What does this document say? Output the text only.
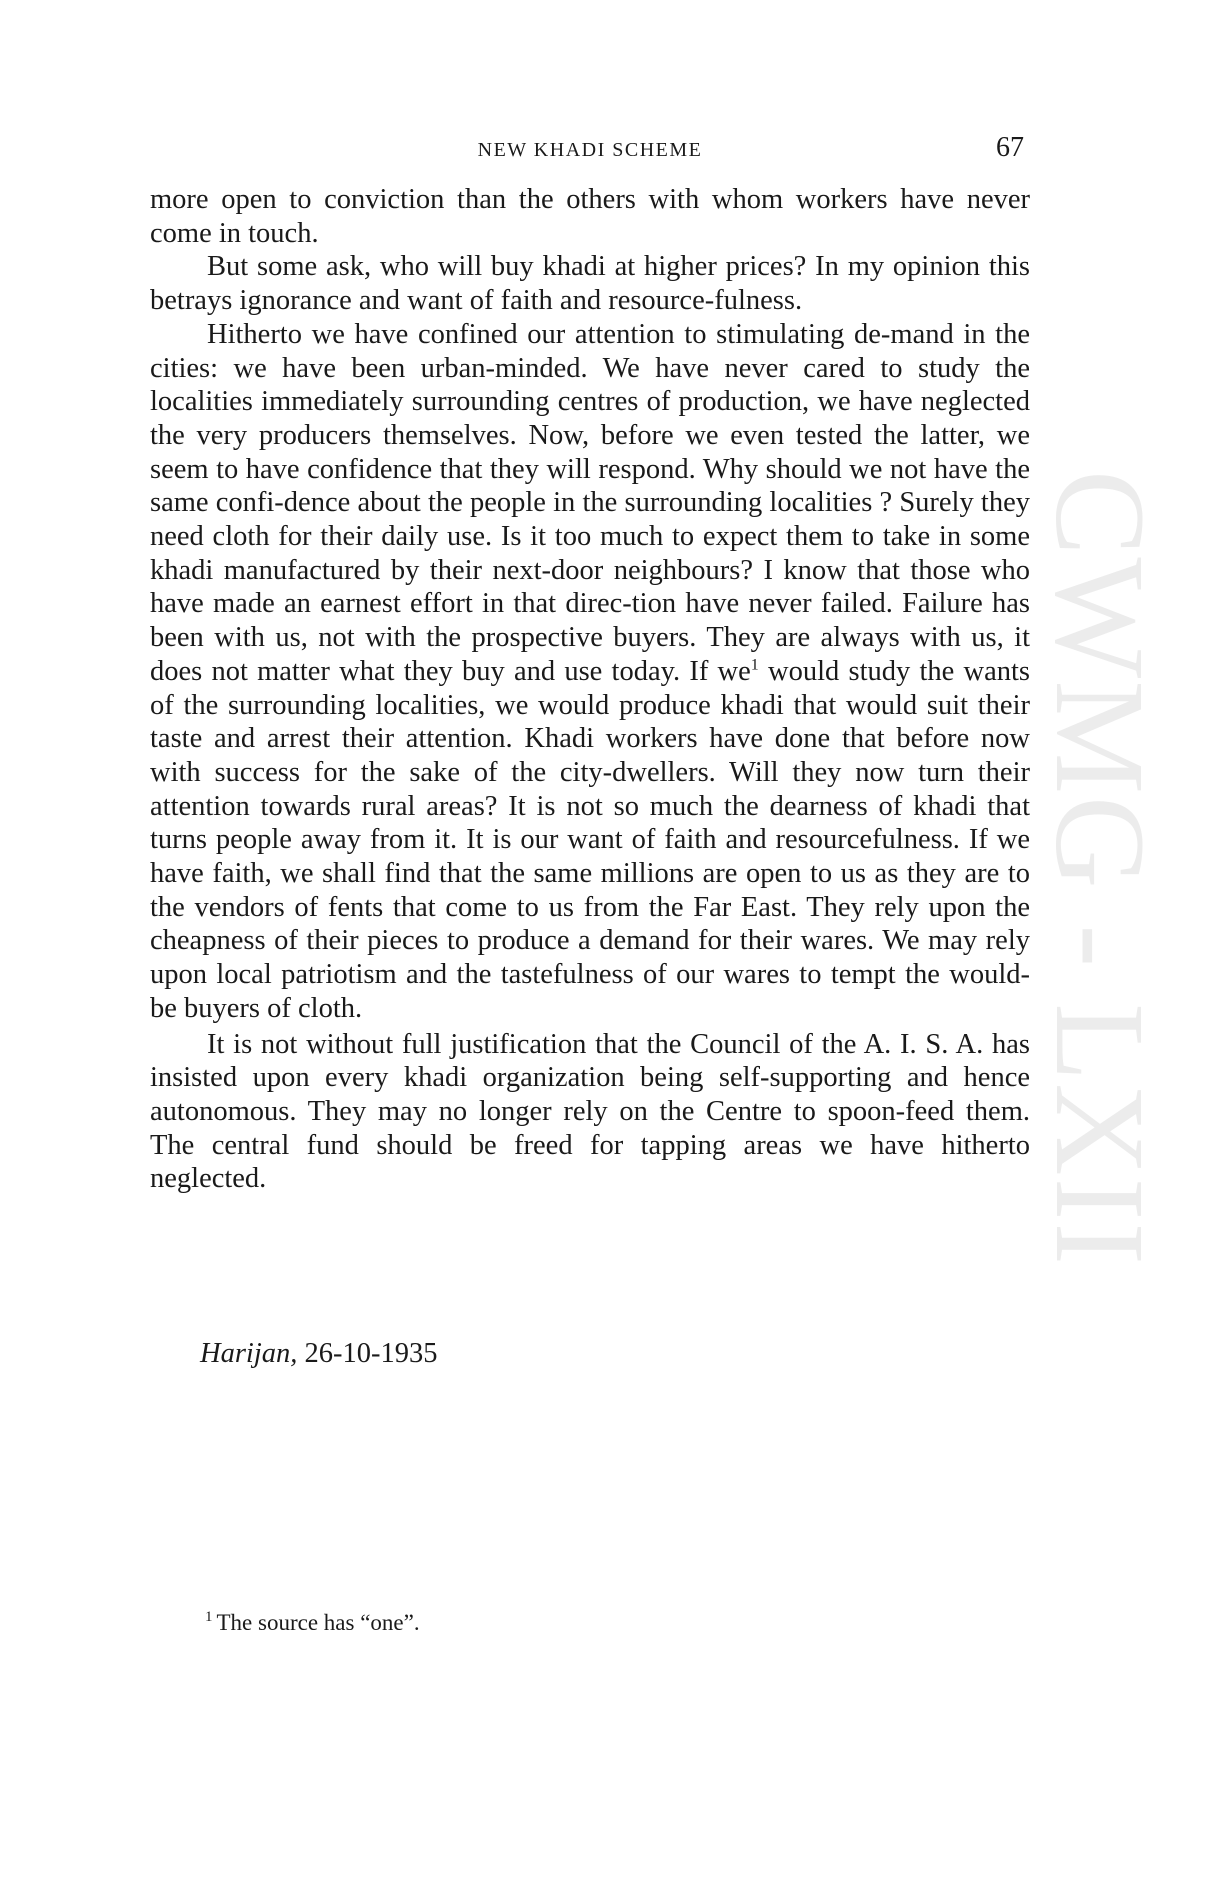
CWMG - LXII
NEW KHADI SCHEME	67

more open to conviction than the others with whom workers have never come in touch.

But some ask, who will buy khadi at higher prices? In my opinion this betrays ignorance and want of faith and resource-fulness.

Hitherto we have confined our attention to stimulating de-mand in the cities: we have been urban-minded. We have never cared to study the localities immediately surrounding centres of production, we have neglected the very producers themselves. Now, before we even tested the latter, we seem to have confidence that they will respond. Why should we not have the same confi-dence about the people in the surrounding localities ? Surely they need cloth for their daily use. Is it too much to expect them to take in some khadi manufactured by their next-door neighbours? I know that those who have made an earnest effort in that direc-tion have never failed. Failure has been with us, not with the prospective buyers. They are always with us, it does not matter what they buy and use today. If we$^1$ would study the wants of the surrounding localities, we would produce khadi that would suit their taste and arrest their attention. Khadi workers have done that before now with success for the sake of the city-dwellers. Will they now turn their attention towards rural areas? It is not so much the dearness of khadi that turns people away from it. It is our want of faith and resourcefulness. If we have faith, we shall find that the same millions are open to us as they are to the vendors of fents that come to us from the Far East. They rely upon the cheapness of their pieces to produce a demand for their wares. We may rely upon local patriotism and the tastefulness of our wares to tempt the would-be buyers of cloth.

It is not without full justification that the Council of the A. I. S. A. has insisted upon every khadi organization being self-supporting and hence autonomous. They may no longer rely on the Centre to spoon-feed them. The central fund should be freed for tapping areas we have hitherto neglected.

Harijan, 26-10-1935
$^1$ The source has “one”.
